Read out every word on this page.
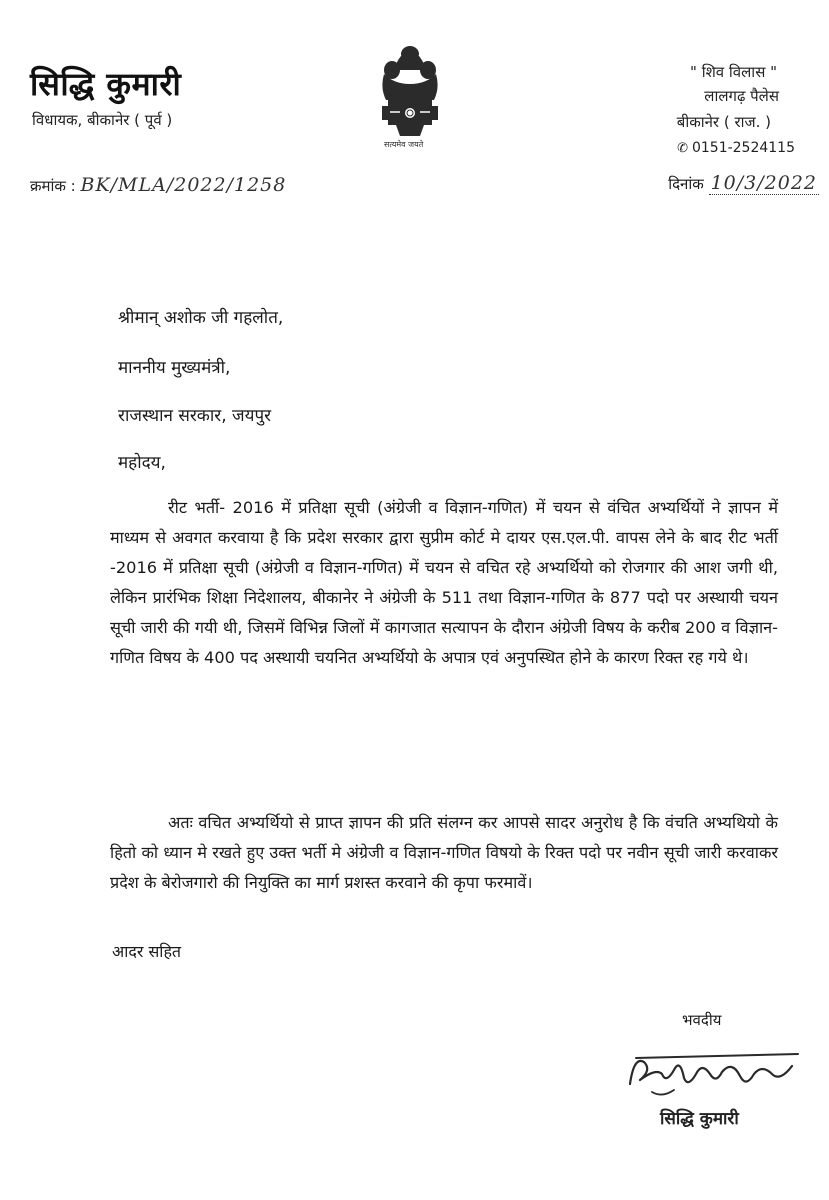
सिद्धि कुमारी
विधायक, बीकानेर ( पूर्व )
सत्यमेव जयते
" शिव विलास "
लालगढ़ पैलेस
बीकानेर ( राज. )
✆ 0151-2524115
क्रमांक : BK/MLA/2022/1258	दिनांक 10/3/2022
श्रीमान् अशोक जी गहलोत,
माननीय मुख्यमंत्री,
राजस्थान सरकार, जयपुर
महोदय,
रीट भर्ती- 2016 में प्रतिक्षा सूची (अंग्रेजी व विज्ञान-गणित) में चयन से वंचित अभ्यर्थियों ने ज्ञापन में माध्यम से अवगत करवाया है कि प्रदेश सरकार द्वारा सुप्रीम कोर्ट मे दायर एस.एल.पी. वापस लेने के बाद रीट भर्ती -2016 में प्रतिक्षा सूची (अंग्रेजी व विज्ञान-गणित) में चयन से वचित रहे अभ्यर्थियो को रोजगार की आश जगी थी, लेकिन प्रारंभिक शिक्षा निदेशालय, बीकानेर ने अंग्रेजी के 511 तथा विज्ञान-गणित के 877 पदो पर अस्थायी चयन सूची जारी की गयी थी, जिसमें विभिन्न जिलों में कागजात सत्यापन के दौरान अंग्रेजी विषय के करीब 200 व विज्ञान-गणित विषय के 400 पद अस्थायी चयनित अभ्यर्थियो के अपात्र एवं अनुपस्थित होने के कारण रिक्त रह गये थे।
अतः वचित अभ्यर्थियो से प्राप्त ज्ञापन की प्रति संलग्न कर आपसे सादर अनुरोध है कि वंचति अभ्यथियो के हितो को ध्यान मे रखते हुए उक्त भर्ती मे अंग्रेजी व विज्ञान-गणित विषयो के रिक्त पदो पर नवीन सूची जारी करवाकर प्रदेश के बेरोजगारो की नियुक्ति का मार्ग प्रशस्त करवाने की कृपा फरमावें।
आदर सहित
भवदीय
सिद्धि कुमारी
